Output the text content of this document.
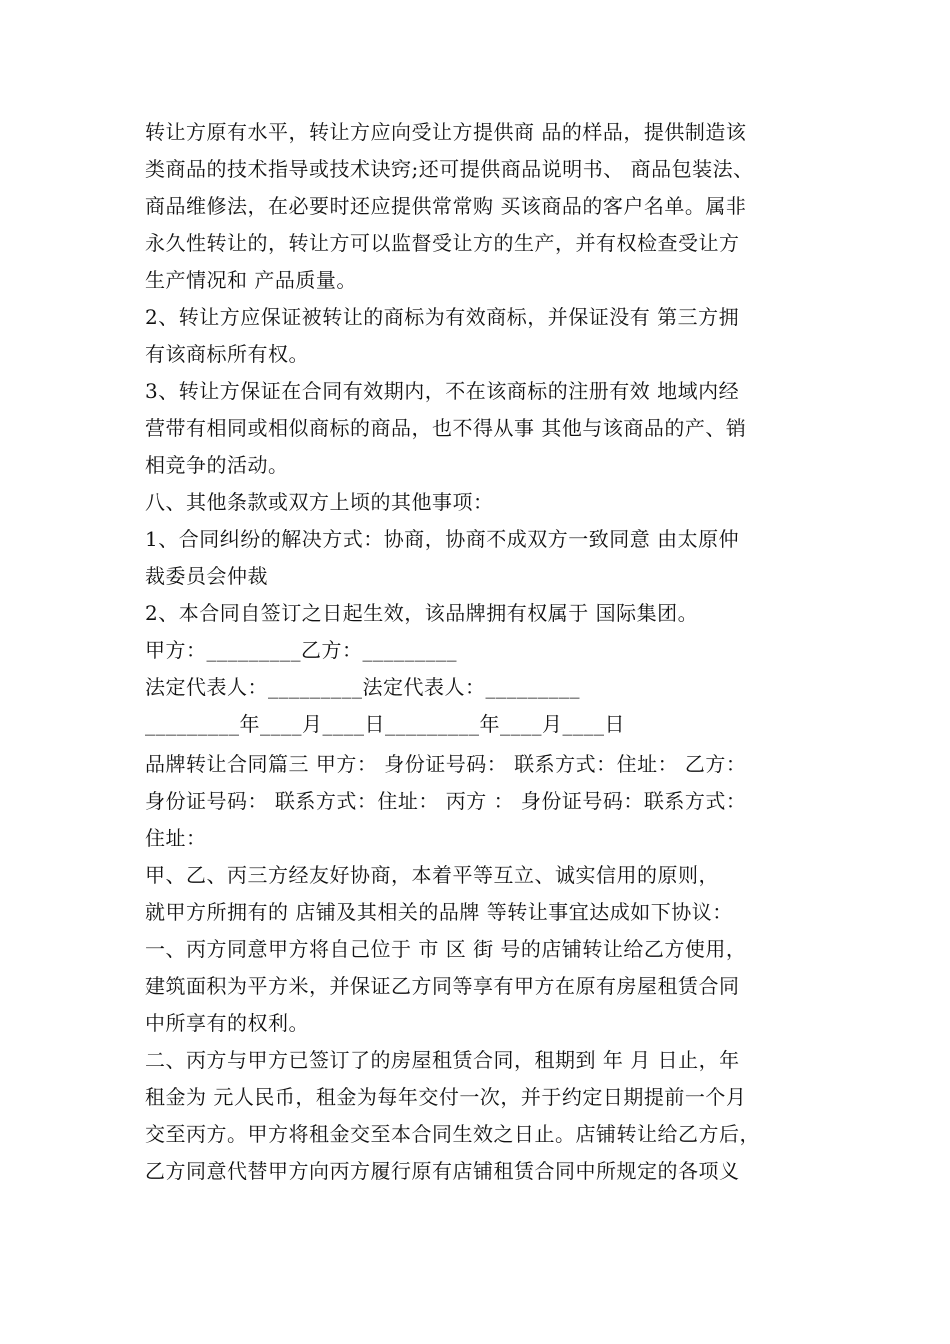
转让方原有水平，转让方应向受让方提供商 品的样品，提供制造该
类商品的技术指导或技术诀窍;还可提供商品说明书、 商品包装法、
商品维修法，在必要时还应提供常常购 买该商品的客户名单。属非
永久性转让的，转让方可以监督受让方的生产，并有权检查受让方
生产情况和 产品质量。
2、转让方应保证被转让的商标为有效商标，并保证没有 第三方拥
有该商标所有权。
3、转让方保证在合同有效期内，不在该商标的注册有效 地域内经
营带有相同或相似商标的商品，也不得从事 其他与该商品的产、销
相竞争的活动。
八、其他条款或双方上顷的其他事项：
1、合同纠纷的解决方式：协商，协商不成双方一致同意 由太原仲
裁委员会仲裁
2、本合同自签订之日起生效，该品牌拥有权属于 国际集团。
甲方：_________乙方：_________
法定代表人：_________法定代表人：_________
_________年____月____日_________年____月____日
品牌转让合同篇三 甲方： 身份证号码： 联系方式：住址： 乙方：
身份证号码： 联系方式：住址： 丙方 ： 身份证号码：联系方式：
住址：
甲、乙、丙三方经友好协商，本着平等互立、诚实信用的原则，
就甲方所拥有的 店铺及其相关的品牌 等转让事宜达成如下协议：
一、丙方同意甲方将自己位于 市 区 街 号的店铺转让给乙方使用，
建筑面积为平方米，并保证乙方同等享有甲方在原有房屋租赁合同
中所享有的权利。
二、丙方与甲方已签订了的房屋租赁合同，租期到 年 月 日止，年
租金为 元人民币，租金为每年交付一次，并于约定日期提前一个月
交至丙方。甲方将租金交至本合同生效之日止。店铺转让给乙方后，
乙方同意代替甲方向丙方履行原有店铺租赁合同中所规定的各项义
